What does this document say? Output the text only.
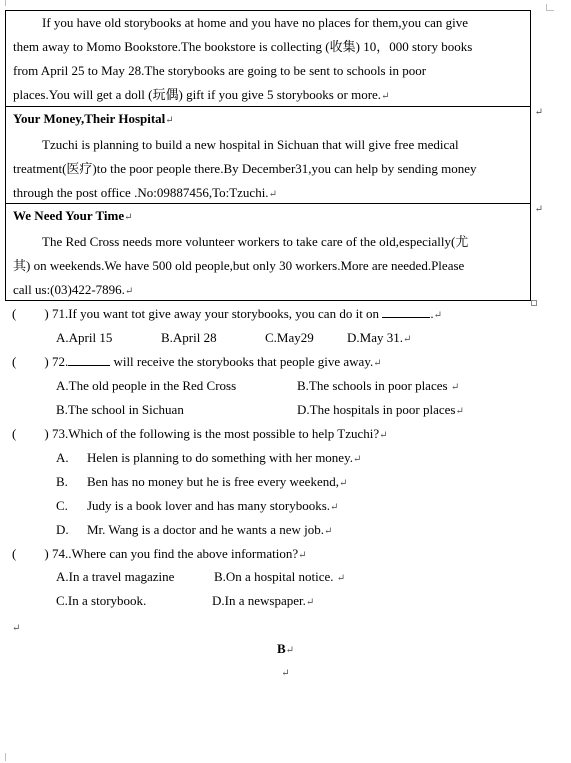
If you have old storybooks at home and you have no places for them,you can give

them away to Momo Bookstore.The bookstore is collecting (收集) 10，000 story books

from April 25 to May 28.The storybooks are going to be sent to schools in poor

places.You will get a doll (玩偶) gift if you give 5 storybooks or more.↵

↵

Your Money,Their Hospital↵

Tzuchi is planning to build a new hospital in Sichuan that will give free medical

treatment(医疗)to the poor people there.By December31,you can help by sending money

through the post office .No:09887456,To:Tzuchi.↵

↵

We Need Your Time↵

The Red Cross needs more volunteer workers to take care of the old,especially(尤

其) on weekends.We have 500 old people,but only 30 workers.More are needed.Please

call us:(03)422-7896.↵

( ) 71.If you want tot give away your storybooks, you can do it on	.↵
A.April 15	B.April 28	C.May29	D.May 31.↵
( ) 72.	will receive the storybooks that people give away.↵
A.The old people in the Red Cross	B.The schools in poor places ↵
B.The school in Sichuan	D.The hospitals in poor places↵
( ) 73.Which of the following is the most possible to help Tzuchi?↵
A. Helen is planning to do something with her money.↵
B. Ben has no money but he is free every weekend,↵
C. Judy is a book lover and has many storybooks.↵
D. Mr. Wang is a doctor and he wants a new job.↵
( ) 74..Where can you find the above information?↵
A.In a travel magazine	B.On a hospital notice. ↵
C.In a storybook.	D.In a newspaper.↵
↵
B↵
↵
